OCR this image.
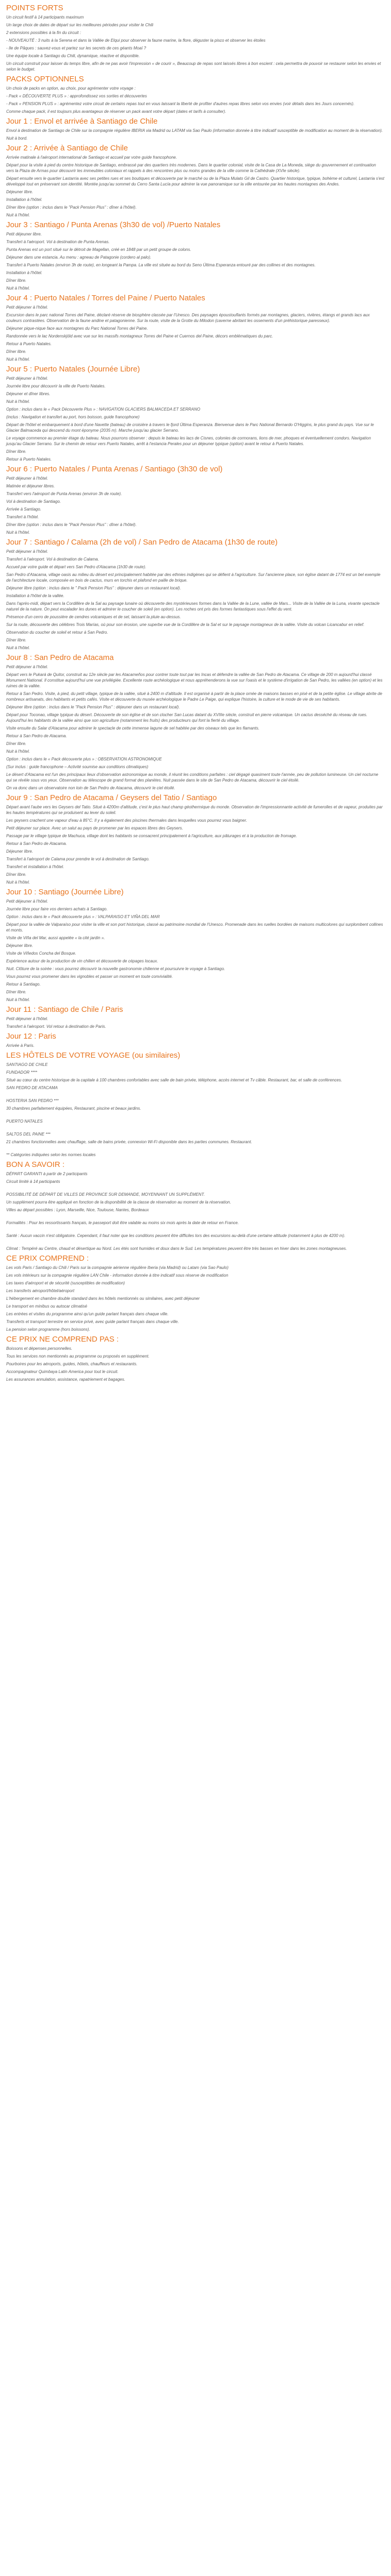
POINTS FORTS

Un circuit festif à 14 participants maximum

Un large choix de dates de départ sur les meilleures périodes pour visiter le Chili

2 extensions possibles à la fin du circuit :

- NOUVEAUTÉ : 3 nuits à la Serena et dans la Vallée de Elqui pour observer la faune marine, la flore, déguster la pisco et observer les étoiles

- Ile de Pâques : sauvez-vous et partez sur les secrets de ces géants Moaï ?

Une équipe locale à Santiago du Chili, dynamique, réactive et disponible.

Un circuit construit pour laisser du temps libre, afin de ne pas avoir l'impression « de courir », Beaucoup de repas sont laissés libres à bon escient : cela permettra de pouvoir se restaurer selon les envies et selon le budget.

PACKS OPTIONNELS

Un choix de packs en option, au choix, pour agrémenter votre voyage :

- Pack « DÉCOUVERTE PLUS » : approfondissez vos sorties et découvertes

- Pack « PENSION PLUS » : agrémentez votre circuit de certains repas tout en vous laissant la liberté de profiter d'autres repas libres selon vos envies (voir détails dans les Jours concernés).

Comme chaque pack, il est toujours plus avantageux de réserver un pack avant votre départ (dates et tarifs à consulter).

Jour 1 : Envol et arrivée à Santiago de Chile

Envol à destination de Santiago de Chile sur la compagnie régulière IBERIA via Madrid ou LATAM via Sao Paulo (information donnée à titre indicatif susceptible de modification au moment de la réservation).

Nuit à bord.

Jour 2 : Arrivée à Santiago de Chile

Arrivée matinale à l'aéroport international de Santiago et accueil par votre guide francophone.

Départ pour la visite à pied du centre historique de Santiago, embrassé par des quartiers très modernes. Dans le quartier colonial, visite de la Casa de La Moneda, siège du gouvernement et continuation vers la Plaza de Armas pour découvrir les immeubles coloniaux et rappels à des rencontres plus ou moins grandes de la ville comme la Cathédrale (XVIe siècle).

Départ ensuite vers le quartier Lastarria avec ses petites rues et ses boutiques et découverte par le marché ou de la Plaza Mulato Gil de Castro. Quartier historique, typique, bohème et culturel, Lastarria s'est développé tout en préservant son identité. Montée jusqu'au sommet du Cerro Santa Lucía pour admirer la vue panoramique sur la ville entourée par les hautes montagnes des Andes.

Déjeuner libre.

Installation à l'hôtel.

Dîner libre (option : inclus dans le "Pack Pension Plus" : dîner à l'hôtel).

Nuit à l'hôtel.

Jour 3 : Santiago / Punta Arenas (3h30 de vol) /Puerto Natales

Petit déjeuner libre.

Transfert à l'aéroport. Vol à destination de Punta Arenas.

Punta Arenas est un port situé sur le détroit de Magellan, créé en 1848 par un petit groupe de colons.

Déjeuner dans une estancia. Au menu : agneau de Patagonie (cordero al palo).

Transfert à Puerto Natales (environ 3h de route), en longeant la Pampa. La ville est située au bord du Seno Última Esperanza entouré par des collines et des montagnes.

Installation à l'hôtel.

Dîner libre.

Nuit à l'hôtel.

Jour 4 : Puerto Natales / Torres del Paine / Puerto Natales

Petit déjeuner à l'hôtel.

Excursion dans le parc national Torres del Paine, déclaré réserve de biosphère classée par l'Unesco. Des paysages époustouflants formés par montagnes, glaciers, rivières, étangs et grands lacs aux couleurs contrastées. Observation de la faune andine et patagonienne. Sur la route, visite de la Grotte du Milodon (caverne abritant les ossements d'un préhistorique paresseux).

Déjeuner pique-nique face aux montagnes du Parc National Torres del Paine.

Randonnée vers le lac Nordenskjöld avec vue sur les massifs montagneux Torres del Paine et Cuernos del Paine, décors emblématiques du parc.

Retour à Puerto Natales.

Dîner libre.

Nuit à l'hôtel.

Jour 5 : Puerto Natales (Journée Libre)

Petit déjeuner à l'hôtel.

Journée libre pour découvrir la ville de Puerto Natales.

Déjeuner et dîner libres.

Nuit à l'hôtel.

Option : inclus dans le « Pack Découverte Plus » : NAVIGATION GLACIERS BALMACEDA ET SERRANO

(inclus : Navigation et transfert au port, hors boisson, guide francophone)

Départ de l'hôtel et embarquement à bord d'une Navette (bateau) de croisière à travers le fjord Última Esperanza. Bienvenue dans le Parc National Bernardo O'Higgins, le plus grand du pays. Vue sur le Glacier Balmaceda qui descend du mont éponyme (2035 m). Marche jusqu'au glacier Serrano.

Le voyage commence au premier étage du bateau. Nous pourrons observer : depuis le bateau les lacs de Cisnes, colonies de cormorans, lions de mer, phoques et éventuellement condors. Navigation jusqu'au Glacier Serrano. Sur le chemin de retour vers Puerto Natales, arrêt à l'estancia Perales pour un déjeuner typique (option) avant le retour à Puerto Natales.

Dîner libre.

Retour à Puerto Natales.

Jour 6 : Puerto Natales / Punta Arenas / Santiago (3h30 de vol)

Petit déjeuner à l'hôtel.

Matinée et déjeuner libres.

Transfert vers l'aéroport de Punta Arenas (environ 3h de route).

Vol à destination de Santiago.

Arrivée à Santiago.

Transfert à l'hôtel.

Dîner libre (option : inclus dans le "Pack Pension Plus" : dîner à l'hôtel).

Nuit à l'hôtel.

Jour 7 : Santiago / Calama (2h de vol) / San Pedro de Atacama (1h30 de route)

Petit déjeuner à l'hôtel.

Transfert à l'aéroport. Vol à destination de Calama.

Accueil par votre guide et départ vers San Pedro d'Atacama (1h30 de route).

San Pedro d'Atacama, village oasis au milieu du désert est principalement habitée par des ethnies indigènes qui se défient à l'agriculture. Sur l'ancienne place, son église datant de 1774 est un bel exemple de l'architecture locale, composée en bois de cactus, murs en torchis et plafond en paille de brique.

Déjeuner libre (option : inclus dans le " Pack Pension Plus" : déjeuner dans un restaurant local).

Installation à l'hôtel de la vallée.

Dans l'après-midi, départ vers la Cordillère de la Sal au paysage lunaire où découverte des mystérieuses formes dans la Vallée de la Lune, vallée de Mars... Visite de la Vallée de la Luna, vivante spectacle naturel de la nature. On peut escalader les dunes et admirer le coucher de soleil (en option). Les roches ont pris des formes fantastiques sous l'effet du vent.

Présence d'un cerro de poussière de cendres volcaniques et de sel, laissant la pluie au-dessus.

Sur la route, découverte des célèbres Trois Marías, où pour son érosion, une superbe vue de la Cordillère de la Sal et sur le paysage montagneux de la vallée. Visite du volcan Licancabur en relief.

Observation du coucher de soleil et retour à San Pedro.

Dîner libre.

Nuit à l'hôtel.

Jour 8 : San Pedro de Atacama

Petit déjeuner à l'hôtel.

Départ vers le Pukará de Quitor, construit au 12e siècle par les Atacameños pour contrer toute tout par les Incas et défendre la vallée de San Pedro de Atacama. Ce village de 200 m aujourd'hui classé Monument National. Il constitue aujourd'hui une vue privilégiée. Excellente route archéologique et nous appréhenderons la vue sur l'oasis et le système d'irrigation de San Pedro, les vallées (en option) et les ruines de la vallée.

Retour à San Pedro. Visite, à pied, du petit village, typique de la vallée, situé à 2400 m d'altitude. Il est organisé à partir de la place ornée de maisons basses en pisé et de la petite église. Le village abrite de nombreux artisanats, des habitants et petits cafés. Visite et découverte du musée archéologique le Padre Le Paige, qui explique l'histoire, la culture et le mode de vie de ses habitants.

Déjeuner libre (option : inclus dans le "Pack Pension Plus" : déjeuner dans un restaurant local).

Départ pour Toconao, village typique du désert. Découverte de son église et de son clocher San Lucas datant du XVIIIe siècle, construit en pierre volcanique. Un cactus desséché du réseau de rues. Aujourd'hui les habitants de la vallée ainsi que son agriculture (notamment les fruits) des producteurs qui font la fierté du village.

Visite ensuite du Salar d'Atacama pour admirer le spectacle de cette immense lagune de sel habitée par des oiseaux tels que les flamants.

Retour à San Pedro de Atacama.

Dîner libre.

Nuit à l'hôtel.

Option : inclus dans le « Pack découverte plus » : OBSERVATION ASTRONOMIQUE

(Sur inclus : guide francophone – Activité soumise aux conditions climatiques)

Le désert d'Atacama est l'un des principaux lieux d'observation astronomique au monde, il réunit les conditions parfaites : ciel dégagé quasiment toute l'année, peu de pollution lumineuse. Un ciel nocturne qui se révèle sous vos yeux. Observation au télescope de grand format des planètes. Nuit passée dans le site de San Pedro de Atacama, découvrir le ciel étoilé.

On va donc dans un observatoire non loin de San Pedro de Atacama, découvrir le ciel étoilé.

Jour 9 : San Pedro de Atacama / Geysers del Tatio / Santiago

Départ avant l'aube vers les Geysers del Tatio. Situé à 4200m d'altitude, c'est le plus haut champ géothermique du monde. Observation de l'impressionnante activité de fumerolles et de vapeur, produites par les hautes températures qui se produisent au lever du soleil.

Les geysers crachent une vapeur d'eau à 85°C. Il y a également des piscines thermales dans lesquelles vous pourrez vous baigner.

Petit déjeuner sur place. Avec un salut au pays de promener par les espaces libres des Geysers.

Passage par le village typique de Machuca, village dont les habitants se consacrent principalement à l'agriculture, aux pâturages et à la production de fromage.

Retour à San Pedro de Atacama.

Déjeuner libre.

Transfert à l'aéroport de Calama pour prendre le vol à destination de Santiago.

Transfert et installation à l'hôtel.

Dîner libre.

Nuit à l'hôtel.

Jour 10 : Santiago (Journée Libre)

Petit déjeuner à l'hôtel.

Journée libre pour faire vos derniers achats à Santiago.

Option : inclus dans le « Pack découverte plus » : VALPARAISO ET VIÑA DEL MAR

Départ pour la vallée de Valparaíso pour visiter la ville et son port historique, classé au patrimoine mondial de l'Unesco. Promenade dans les ruelles bordées de maisons multicolores qui surplombent collines et monts.

Visite de Viña del Mar, aussi appelée « la cité jardin ».

Déjeuner libre.

Visite de Viñedos Concha del Bosque.

Expérience autour de la production de vin chilien et découverte de cépages locaux.

Nuit. Clôture de la soirée : vous pourrez découvrir la nouvelle gastronomie chilienne et poursuivre le voyage à Santiago.

Vous pourrez vous promener dans les vignobles et passer un moment en toute convivialité.

Retour à Santiago.

Dîner libre.

Nuit à l'hôtel.

Jour 11 : Santiago de Chile / Paris

Petit déjeuner à l'hôtel.

Transfert à l'aéroport. Vol retour à destination de Paris.

Jour 12 : Paris

Arrivée à Paris.

LES HÔTELS DE VOTRE VOYAGE (ou similaires)

SANTIAGO DE CHILE

FUNDADOR ****

Situé au cœur du centre historique de la capitale à 100 chambres confortables avec salle de bain privée, téléphone, accès internet et Tv câble. Restaurant, bar, et salle de conférences.

SAN PEDRO DE ATACAMA

HOSTERIA SAN PEDRO ***

30 chambres parfaitement équipées, Restaurant, piscine et beaux jardins.

PUERTO NATALES

SALTOS DEL PAINE ***

21 chambres fonctionnelles avec chauffage, salle de bains privée, connexion Wi-Fi disponible dans les parties communes. Restaurant.

** Catégories indiquées selon les normes locales

BON A SAVOIR :

DÉPART GARANTI à partir de 2 participants

Circuit limité à 14 participants

POSSIBILITÉ DE DÉPART DE VILLES DE PROVINCE SUR DEMANDE, MOYENNANT UN SUPPLÉMENT.

Un supplément pourra être appliqué en fonction de la disponibilité de la classe de réservation au moment de la réservation.

Villes au départ possibles : Lyon, Marseille, Nice, Toulouse, Nantes, Bordeaux

Formalités : Pour les ressortissants français, le passeport doit être valable au moins six mois après la date de retour en France.

Santé : Aucun vaccin n'est obligatoire. Cependant, il faut noter que les conditions peuvent être difficiles lors des excursions au-delà d'une certaine altitude (notamment à plus de 4200 m).

Climat : Tempéré au Centre, chaud et désertique au Nord. Les étés sont humides et doux dans le Sud. Les températures peuvent être très basses en hiver dans les zones montagneuses.

CE PRIX COMPREND :

Les vols Paris / Santiago du Chili / Paris sur la compagnie aérienne régulière Iberia (via Madrid) ou Latam (via Sao Paulo)

Les vols intérieurs sur la compagnie régulière LAN Chile - information donnée à titre indicatif sous réserve de modification

Les taxes d'aéroport et de sécurité (susceptibles de modification)

Les transferts aéroport/hôtel/aéroport

L'hébergement en chambre double standard dans les hôtels mentionnés ou similaires, avec petit déjeuner

Le transport en minibus ou autocar climatisé

Les entrées et visites du programme ainsi qu'un guide parlant français dans chaque ville.

Transferts et transport terrestre en service privé, avec guide parlant français dans chaque ville.

La pension selon programme (hors boissons).

CE PRIX NE COMPREND PAS :

Boissons et dépenses personnelles.

Tous les services non mentionnés au programme ou proposés en supplément.

Pourboires pour les aéroports, guides, hôtels, chauffeurs et restaurants.

Accompagnateur Quimbaya Latin America pour tout le circuit.

Les assurances annulation, assistance, rapatriement et bagages.
